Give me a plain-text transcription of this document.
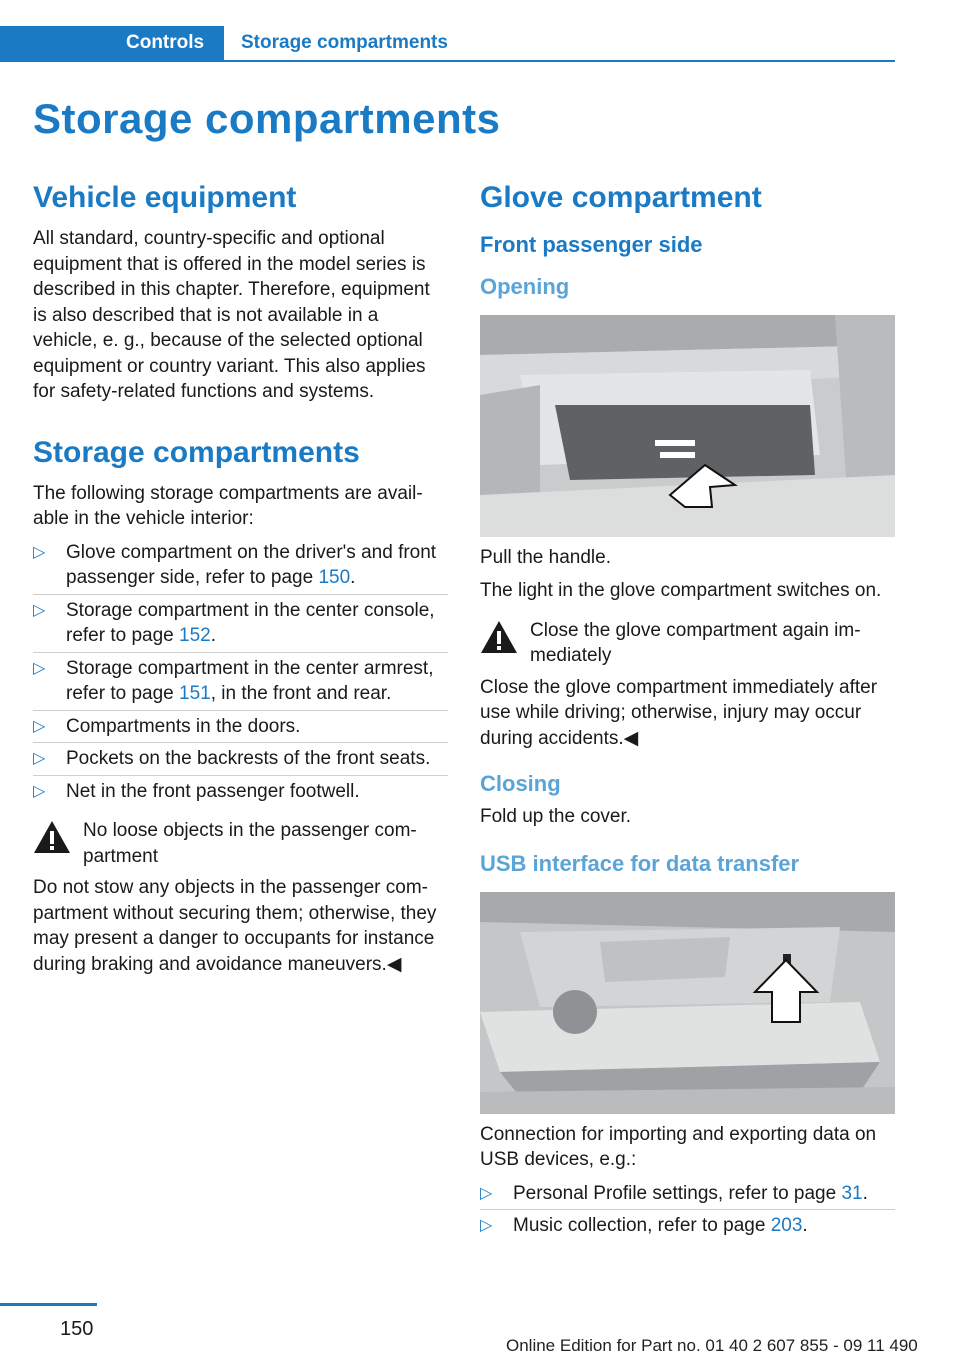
Controls	Storage compartments
Storage compartments
Vehicle equipment

All standard, country-specific and optional equipment that is offered in the model series is described in this chapter. Therefore, equipment is also described that is not available in a vehicle, e. g., because of the selected optional equipment or country variant. This also applies for safety-related functions and systems.

Storage compartments

The following storage compartments are available in the vehicle interior:

▷ Glove compartment on the driver's and front passenger side, refer to page 150.
▷ Storage compartment in the center console, refer to page 152.
▷ Storage compartment in the center armrest, refer to page 151, in the front and rear.
▷ Compartments in the doors.
▷ Pockets on the backrests of the front seats.
▷ Net in the front passenger footwell.

No loose objects in the passenger compartment

Do not stow any objects in the passenger compartment without securing them; otherwise, they may present a danger to occupants for instance during braking and avoidance maneuvers.◀

Glove compartment
Front passenger side
Opening

Pull the handle.

The light in the glove compartment switches on.

Close the glove compartment again immediately

Close the glove compartment immediately after use while driving; otherwise, injury may occur during accidents.◀

Closing

Fold up the cover.

USB interface for data transfer

Connection for importing and exporting data on USB devices, e.g.:

▷ Personal Profile settings, refer to page 31.
▷ Music collection, refer to page 203.
150
Online Edition for Part no. 01 40 2 607 855 - 09 11 490
